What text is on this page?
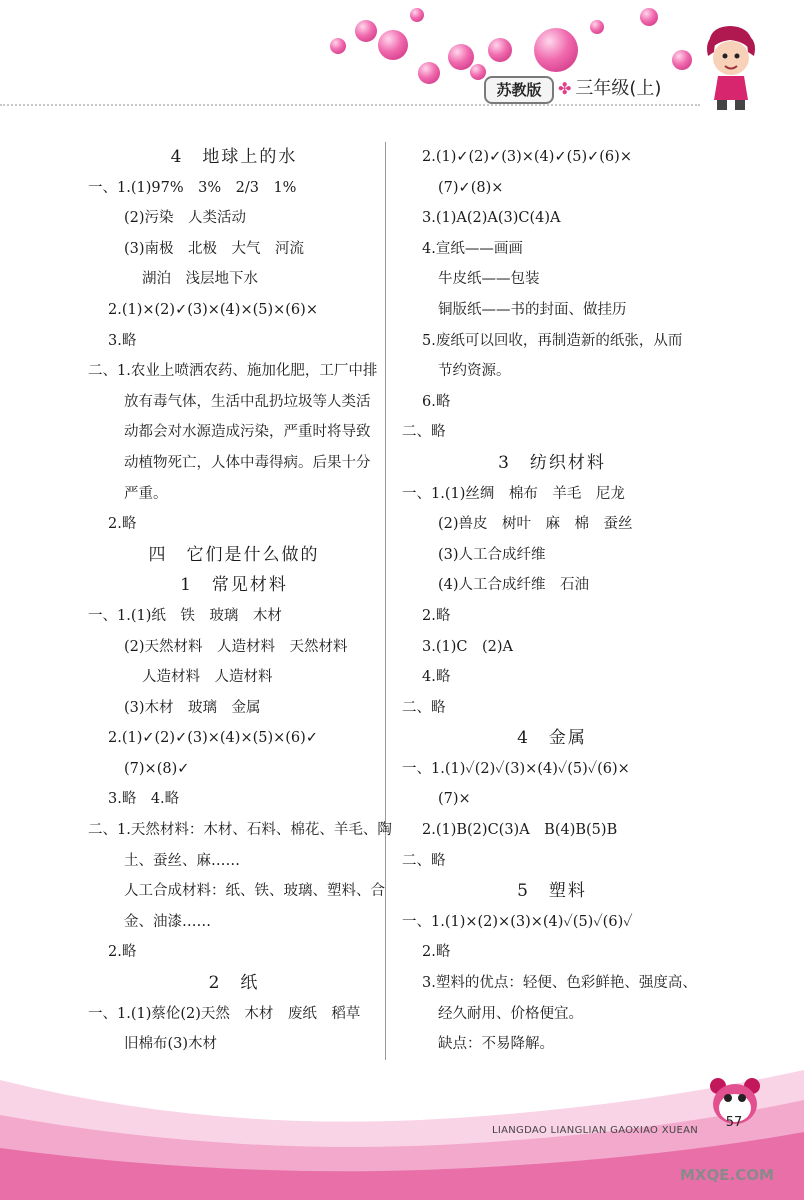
苏教版	✤ 三年级(上)
4　地球上的水
一、1.(1)97%　3%　2/3　1%
(2)污染　人类活动
(3)南极　北极　大气　河流
湖泊　浅层地下水
2.(1)×(2)✓(3)×(4)×(5)×(6)×
3.略
二、1.农业上喷洒农药、施加化肥，工厂中排
放有毒气体，生活中乱扔垃圾等人类活
动都会对水源造成污染，严重时将导致
动植物死亡，人体中毒得病。后果十分
严重。
2.略
四　它们是什么做的
1　常见材料
一、1.(1)纸　铁　玻璃　木材
(2)天然材料　人造材料　天然材料
人造材料　人造材料
(3)木材　玻璃　金属
2.(1)✓(2)✓(3)×(4)×(5)×(6)✓
(7)×(8)✓
3.略　4.略
二、1.天然材料：木材、石料、棉花、羊毛、陶
土、蚕丝、麻……
人工合成材料：纸、铁、玻璃、塑料、合
金、油漆……
2.略
2　纸
一、1.(1)蔡伦(2)天然　木材　废纸　稻草
旧棉布(3)木材
2.(1)✓(2)✓(3)×(4)✓(5)✓(6)×
(7)✓(8)×
3.(1)A(2)A(3)C(4)A
4.宣纸——画画
牛皮纸——包装
铜版纸——书的封面、做挂历
5.废纸可以回收，再制造新的纸张，从而
节约资源。
6.略
二、略
3　纺织材料
一、1.(1)丝绸　棉布　羊毛　尼龙
(2)兽皮　树叶　麻　棉　蚕丝
(3)人工合成纤维
(4)人工合成纤维　石油
2.略
3.(1)C　(2)A
4.略
二、略
4　金属
一、1.(1)✓(2)✓(3)×(4)✓(5)✓(6)×
(7)×
2.(1)B(2)C(3)A　B(4)B(5)B
二、略
5　塑料
一、1.(1)×(2)×(3)×(4)✓(5)✓(6)✓
2.略
3.塑料的优点：轻便、色彩鲜艳、强度高、
经久耐用、价格便宜。
缺点：不易降解。
LIANGDAO LIANGLIAN GAOXIAO XUEAN
57
MXQE.COM
